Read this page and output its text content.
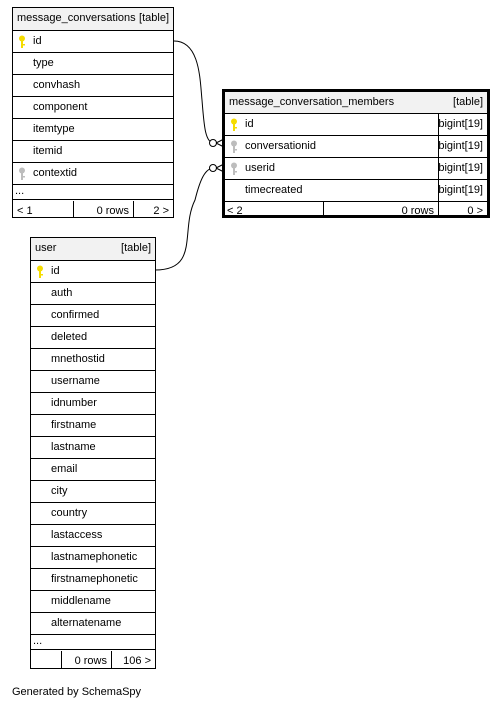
message_conversations [table]
id
type
convhash
component
itemtype
itemid
contextid
...
< 1	0 rows 2 >
message_conversation_members	[table]
id	bigint[19]
conversationid	bigint[19]
userid	bigint[19]
timecreated	bigint[19]
< 2	0 rows	0 >
user	[table]
id
auth
confirmed
deleted
mnethostid
username
idnumber
firstname
lastname
email
city
country
lastaccess
lastnamephonetic
firstnamephonetic
middlename
alternatename
...
0 rows 106 >
Generated by SchemaSpy
